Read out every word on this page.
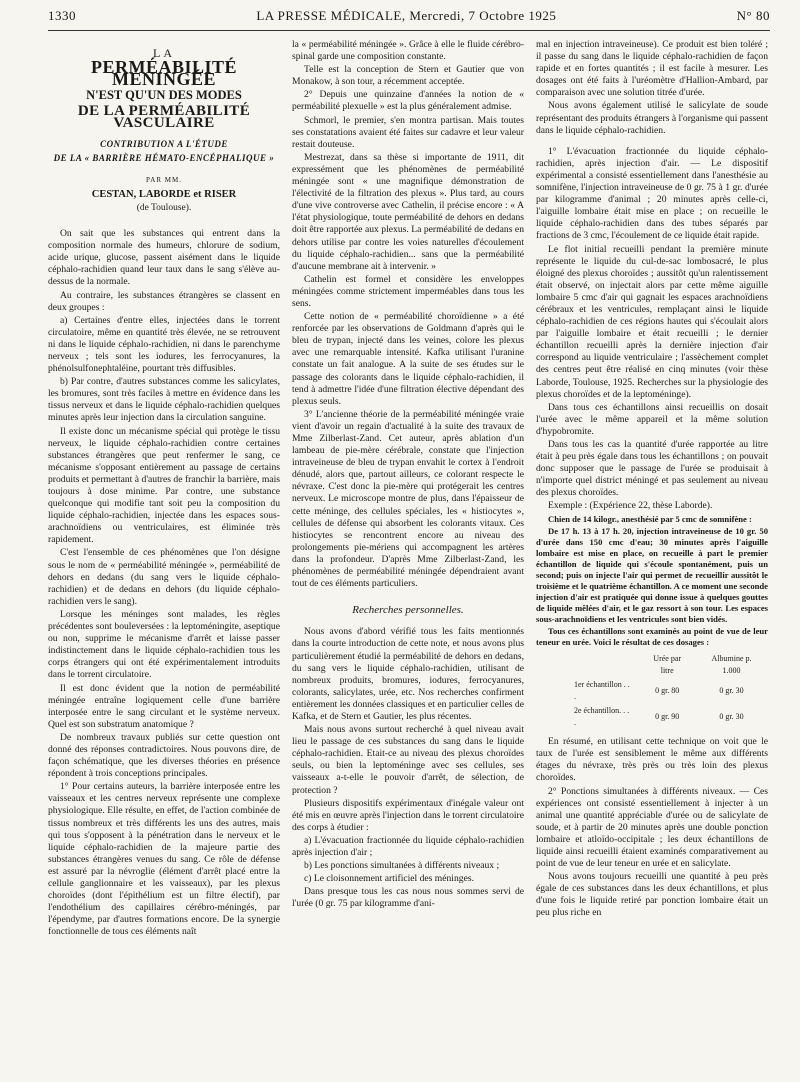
1330	LA PRESSE MÉDICALE, Mercredi, 7 Octobre 1925	N° 80
LA
PERMÉABILITÉ MÉNINGÉE
N'EST QU'UN DES MODES
DE LA PERMÉABILITÉ VASCULAIRE
CONTRIBUTION A L'ÉTUDE
DE LA « BARRIÈRE HÉMATO-ENCÉPHALIQUE »
PAR MM.
CESTAN, LABORDE et RISER
(de Toulouse).

On sait que les substances qui entrent dans la composition normale des humeurs, chlorure de sodium, acide urique, glucose, passent aisément dans le liquide céphalo-rachidien quand leur taux dans le sang s'élève au-dessus de la normale.

Au contraire, les substances étrangères se classent en deux groupes :

a) Certaines d'entre elles, injectées dans le torrent circulatoire, même en quantité très élevée, ne se retrouvent ni dans le liquide céphalo-rachidien, ni dans le parenchyme nerveux ; tels sont les iodures, les ferrocyanures, la phénolsulfonephtaléine, pourtant très diffusibles.

b) Par contre, d'autres substances comme les salicylates, les bromures, sont très faciles à mettre en évidence dans les tissus nerveux et dans le liquide céphalo-rachidien quelques minutes après leur injection dans la circulation sanguine.

Il existe donc un mécanisme spécial qui protège le tissu nerveux, le liquide céphalo-rachidien contre certaines substances étrangères que peut renfermer le sang, ce mécanisme s'opposant entièrement au passage de certains produits et permettant à d'autres de franchir la barrière, mais toujours à dose minime. Par contre, une substance quelconque qui modifie tant soit peu la composition du liquide céphalo-rachidien, injectée dans les espaces sous-arachnoïdiens ou ventriculaires, est éliminée très rapidement.

C'est l'ensemble de ces phénomènes que l'on désigne sous le nom de « perméabilité méningée », perméabilité de dehors en dedans (du sang vers le liquide céphalo-rachidien) et de dedans en dehors (du liquide céphalo-rachidien vers le sang).

Lorsque les méninges sont malades, les règles précédentes sont bouleversées : la leptoméningite, aseptique ou non, supprime le mécanisme d'arrêt et laisse passer indistinctement dans le liquide céphalo-rachidien tous les corps étrangers qui ont été expérimentalement introduits dans le torrent circulatoire.

Il est donc évident que la notion de perméabilité méningée entraîne logiquement celle d'une barrière interposée entre le sang circulant et le système nerveux. Quel est son substratum anatomique ?

De nombreux travaux publiés sur cette question ont donné des réponses contradictoires. Nous pouvons dire, de façon schématique, que les diverses théories en présence répondent à trois conceptions principales.

1° Pour certains auteurs, la barrière interposée entre les vaisseaux et les centres nerveux représente une complexe physiologique. Elle résulte, en effet, de l'action combinée de tissus nombreux et très différents les uns des autres, mais qui tous s'opposent à la pénétration dans le nerveux et le liquide céphalo-rachidien de la majeure partie des substances étrangères venues du sang. Ce rôle de défense est assuré par la névroglie (élément d'arrêt placé entre la cellule ganglionnaire et les vaisseaux), par les plexus choroïdes (dont l'épithélium est un filtre électif), par l'endothélium des capillaires cérébro-méningés, par l'épendyme, par d'autres formations encore. De la synergie fonctionnelle de tous ces éléments naît

la « perméabilité méningée ». Grâce à elle le fluide cérébro-spinal garde une composition constante.

Telle est la conception de Stern et Gautier que von Monakow, à son tour, a récemment acceptée.

2° Depuis une quinzaine d'années la notion de « perméabilité plexuelle » est la plus généralement admise.

Schmorl, le premier, s'en montra partisan. Mais toutes ses constatations avaient été faites sur cadavre et leur valeur restait douteuse.

Mestrezat, dans sa thèse si importante de 1911, dit expressément que les phénomènes de perméabilité méningée sont « une magnifique démonstration de l'électivité de la filtration des plexus ». Plus tard, au cours d'une vive controverse avec Cathelin, il précise encore : « A l'état physiologique, toute perméabilité de dehors en dedans doit être rapportée aux plexus. La perméabilité de dedans en dehors utilise par contre les voies naturelles d'écoulement du liquide céphalo-rachidien... sans que la perméabilité d'aucune membrane ait à intervenir. »

Cathelin est formel et considère les enveloppes méningées comme strictement imperméables dans tous les sens.

Cette notion de « perméabilité choroïdienne » a été renforcée par les observations de Goldmann d'après qui le bleu de trypan, injecté dans les veines, colore les plexus avec une remarquable intensité. Kafka utilisant l'uranine constate un fait analogue. A la suite de ses études sur le passage des colorants dans le liquide céphalo-rachidien, il tend à admettre l'idée d'une filtration élective dépendant des plexus seuls.

3° L'ancienne théorie de la perméabilité méningée vraie vient d'avoir un regain d'actualité à la suite des travaux de Mme Zilberlast-Zand. Cet auteur, après ablation d'un lambeau de pie-mère cérébrale, constate que l'injection intraveineuse de bleu de trypan envahit le cortex à l'endroit dénudé, alors que, partout ailleurs, ce colorant respecte le névraxe. C'est donc la pie-mère qui protégerait les centres nerveux. Le microscope montre de plus, dans l'épaisseur de cette méninge, des cellules spéciales, les « histiocytes », cellules de défense qui absorbent les colorants vitaux. Ces histiocytes se rencontrent encore au niveau des prolongements pie-mériens qui accompagnent les artères dans la profondeur. D'après Mme Zilberlast-Zand, les phénomènes de perméabilité méningée dépendraient avant tout de ces éléments particuliers.

Recherches personnelles.

Nous avons d'abord vérifié tous les faits mentionnés dans la courte introduction de cette note, et nous avons plus particulièrement étudié la perméabilité de dehors en dedans, du sang vers le liquide céphalo-rachidien, utilisant de nombreux produits, bromures, iodures, ferrocyanures, colorants, salicylates, urée, etc. Nos recherches confirment entièrement les données classiques et en particulier celles de Kafka, et de Stern et Gautier, les plus récentes.

Mais nous avons surtout recherché à quel niveau avait lieu le passage de ces substances du sang dans le liquide céphalo-rachidien. Etait-ce au niveau des plexus choroïdes seuls, ou bien la leptoméninge avec ses cellules, ses vaisseaux a-t-elle le pouvoir d'arrêt, de sélection, de protection ?

Plusieurs dispositifs expérimentaux d'inégale valeur ont été mis en œuvre après l'injection dans le torrent circulatoire des corps à étudier :

a) L'évacuation fractionnée du liquide céphalo-rachidien après injection d'air ;

b) Les ponctions simultanées à différents niveaux ;

c) Le cloisonnement artificiel des méninges.

Dans presque tous les cas nous nous sommes servi de l'urée (0 gr. 75 par kilogramme d'ani-

mal en injection intraveineuse). Ce produit est bien toléré ; il passe du sang dans le liquide céphalo-rachidien de façon rapide et en fortes quantités ; il est facile à mesurer. Les dosages ont été faits à l'uréomètre d'Hallion-Ambard, par comparaison avec une solution titrée d'urée.

Nous avons également utilisé le salicylate de soude représentant des produits étrangers à l'organisme qui passent dans le liquide céphalo-rachidien.

1° L'évacuation fractionnée du liquide céphalo-rachidien, après injection d'air. — Le dispositif expérimental a consisté essentiellement dans l'anesthésie au somnifène, l'injection intraveineuse de 0 gr. 75 à 1 gr. d'urée par kilogramme d'animal ; 20 minutes après celle-ci, l'aiguille lombaire était mise en place ; on recueille le liquide céphalo-rachidien dans des tubes séparés par fractions de 3 cmc, l'écoulement de ce liquide était rapide.

Le flot initial recueilli pendant la première minute représente le liquide du cul-de-sac lombosacré, le plus éloigné des plexus choroïdes ; aussitôt qu'un ralentissement était observé, on injectait alors par cette même aiguille lombaire 5 cmc d'air qui gagnait les espaces arachnoïdiens cérébraux et les ventricules, remplaçant ainsi le liquide céphalo-rachidien de ces régions hautes qui s'écoulait alors par l'aiguille lombaire et était recueilli ; le dernier échantillon recueilli après la dernière injection d'air correspond au liquide ventriculaire ; l'assèchement complet des centres peut être réalisé en cinq minutes (voir thèse Laborde, Toulouse, 1925. Recherches sur la physiologie des plexus choroïdes et de la leptoméninge).

Dans tous ces échantillons ainsi recueillis on dosait l'urée avec le même appareil et la même solution d'hypobromite.

Dans tous les cas la quantité d'urée rapportée au litre était à peu près égale dans tous les échantillons ; on pouvait donc supposer que le passage de l'urée se produisait à n'importe quel district méningé et pas seulement au niveau des plexus choroïdes.

Exemple : (Expérience 22, thèse Laborde).

Chien de 14 kilogr., anesthésié par 5 cmc de somnifène :

De 17 h. 13 à 17 h. 20, injection intraveineuse de 10 gr. 50 d'urée dans 150 cmc d'eau; 30 minutes après l'aiguille lombaire est mise en place, on recueille à part le premier échantillon de liquide qui s'écoule spontanément, puis un second; puis on injecte l'air qui permet de recueillir aussitôt le troisième et le quatrième échantillon. A ce moment une seconde injection d'air est pratiquée qui donne issue à quelques gouttes de liquide mêlées d'air, et le gaz ressort à son tour. Les espaces sous-arachnoïdiens et les ventricules sont bien vidés.

Tous ces échantillons sont examinés au point de vue de leur teneur en urée. Voici le résultat de ces dosages :

	Urée par litre	Albumine p. 1.000
1er échantillon . . .	0 gr. 80	0 gr. 30
2e échantillon. . . .	0 gr. 90	0 gr. 30

En résumé, en utilisant cette technique on voit que le taux de l'urée est sensiblement le même aux différents étages du névraxe, très près ou très loin des plexus choroïdes.

2° Ponctions simultanées à différents niveaux. — Ces expériences ont consisté essentiellement à injecter à un animal une quantité appréciable d'urée ou de salicylate de soude, et à partir de 20 minutes après une double ponction lombaire et atloïdo-occipitale ; les deux échantillons de liquide ainsi recueilli étaient examinés comparativement au point de vue de leur teneur en urée et en salicylate.

Nous avons toujours recueilli une quantité à peu près égale de ces substances dans les deux échantillons, et plus d'une fois le liquide retiré par ponction lombaire était un peu plus riche en
